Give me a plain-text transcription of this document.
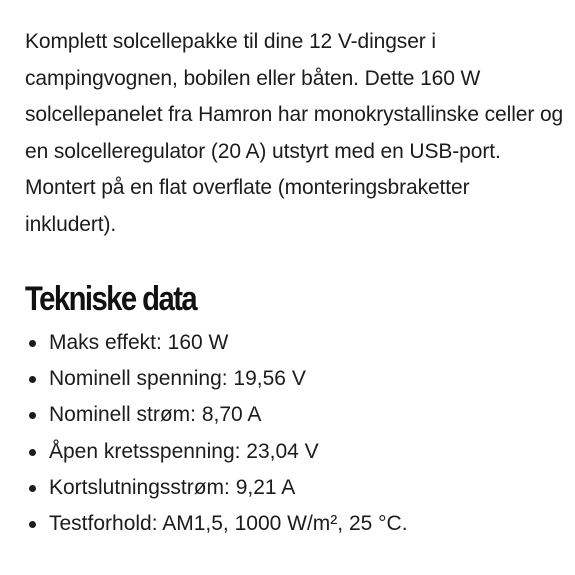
Komplett solcellepakke til dine 12 V-dingser i campingvognen, bobilen eller båten. Dette 160 W solcellepanelet fra Hamron har monokrystallinske celler og en solcelleregulator (20 A) utstyrt med en USB-port. Montert på en flat overflate (monteringsbraketter inkludert).

Tekniske data
Maks effekt: 160 W
Nominell spenning: 19,56 V
Nominell strøm: 8,70 A
Åpen kretsspenning: 23,04 V
Kortslutningsstrøm: 9,21 A
Testforhold: AM1,5, 1000 W/m², 25 °C.
